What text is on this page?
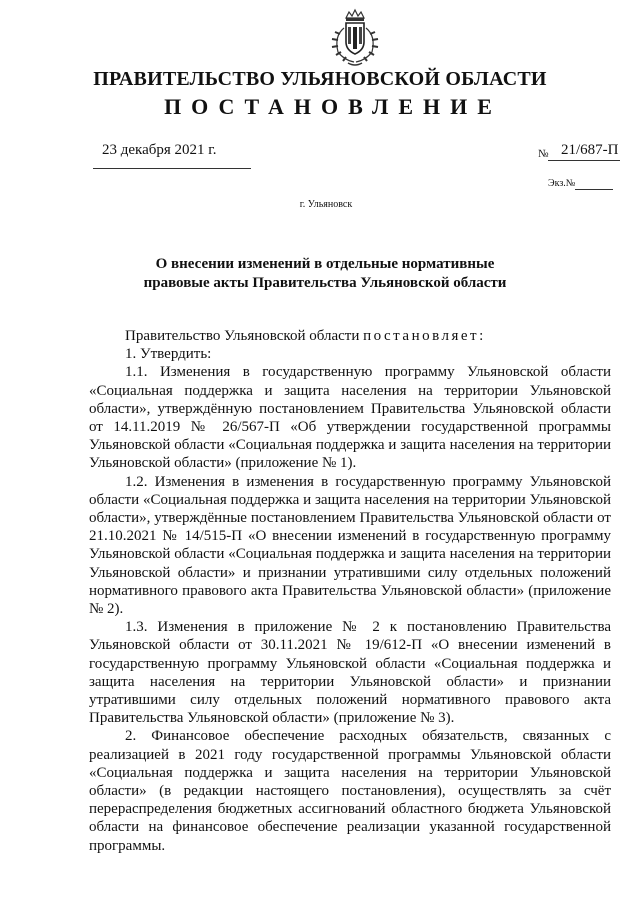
ПРАВИТЕЛЬСТВО УЛЬЯНОВСКОЙ ОБЛАСТИ
ПОСТАНОВЛЕНИЕ
23 декабря 2021 г.	№ 21/687-П
Экз.№
г. Ульяновск
О внесении изменений в отдельные нормативные
правовые акты Правительства Ульяновской области

Правительство Ульяновской области постановляет:

1. Утвердить:

1.1. Изменения в государственную программу Ульяновской области «Социальная поддержка и защита населения на территории Ульяновской области», утверждённую постановлением Правительства Ульяновской области от 14.11.2019 № 26/567-П «Об утверждении государственной программы Ульяновской области «Социальная поддержка и защита населения на территории Ульяновской области» (приложение № 1).

1.2. Изменения в изменения в государственную программу Ульяновской области «Социальная поддержка и защита населения на территории Ульяновской области», утверждённые постановлением Правительства Ульяновской области от 21.10.2021 № 14/515-П «О внесении изменений в государственную программу Ульяновской области «Социальная поддержка и защита населения на территории Ульяновской области» и признании утратившими силу отдельных положений нормативного правового акта Правительства Ульяновской области» (приложение № 2).

1.3. Изменения в приложение № 2 к постановлению Правительства Ульяновской области от 30.11.2021 № 19/612-П «О внесении изменений в государственную программу Ульяновской области «Социальная поддержка и защита населения на территории Ульяновской области» и признании утратившими силу отдельных положений нормативного правового акта Правительства Ульяновской области» (приложение № 3).

2. Финансовое обеспечение расходных обязательств, связанных с реализацией в 2021 году государственной программы Ульяновской области «Социальная поддержка и защита населения на территории Ульяновской области» (в редакции настоящего постановления), осуществлять за счёт перераспределения бюджетных ассигнований областного бюджета Ульяновской области на финансовое обеспечение реализации указанной государственной программы.
